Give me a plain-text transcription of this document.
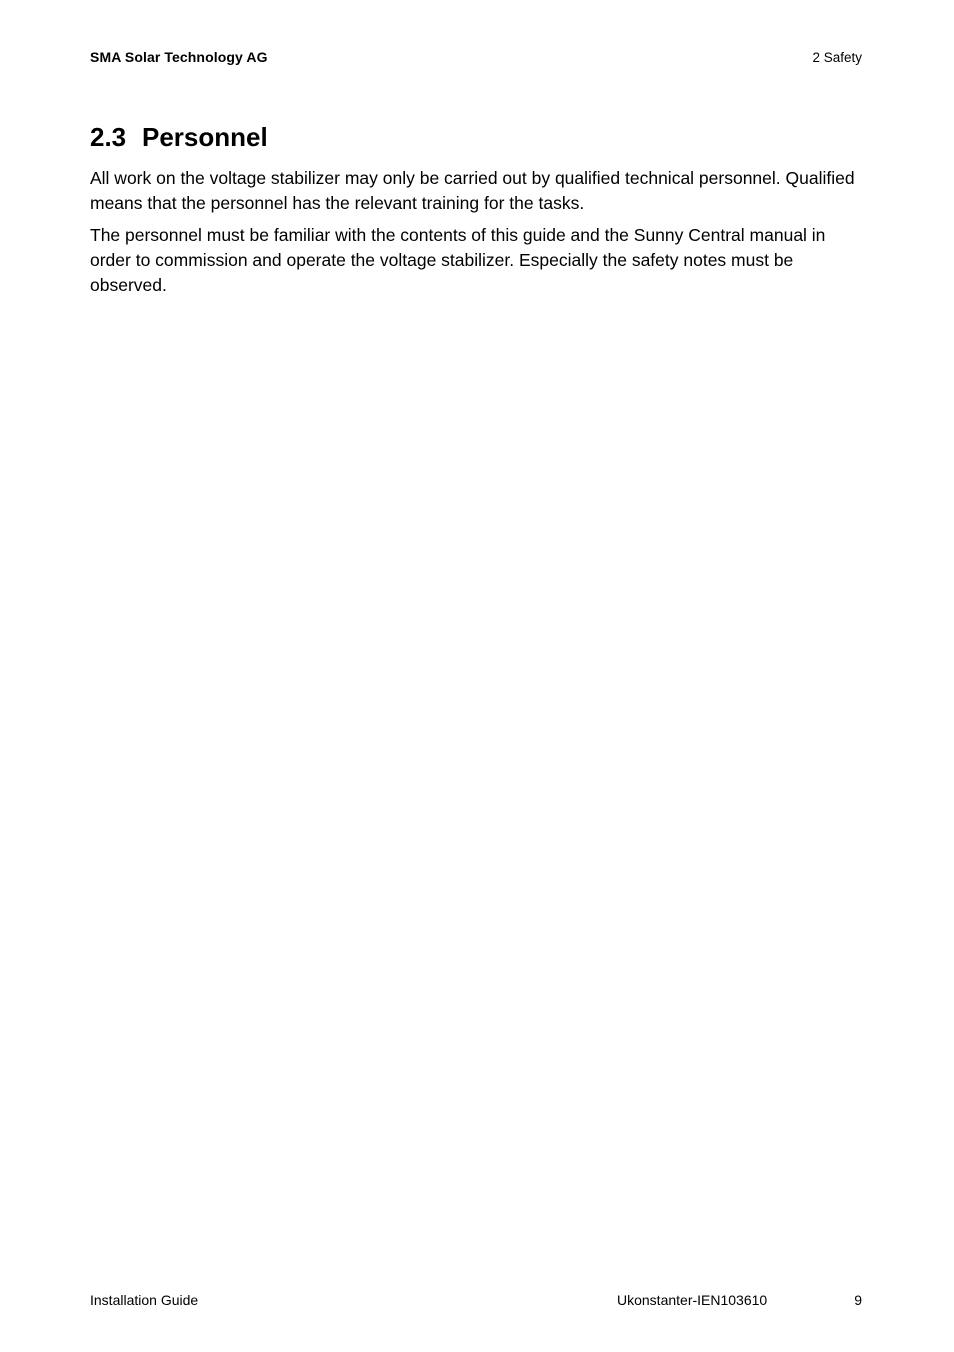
SMA Solar Technology AG	2 Safety
2.3 Personnel

All work on the voltage stabilizer may only be carried out by qualified technical personnel. Qualified means that the personnel has the relevant training for the tasks.

The personnel must be familiar with the contents of this guide and the Sunny Central manual in order to commission and operate the voltage stabilizer. Especially the safety notes must be observed.

Installation Guide	Ukonstanter-IEN103610	9
